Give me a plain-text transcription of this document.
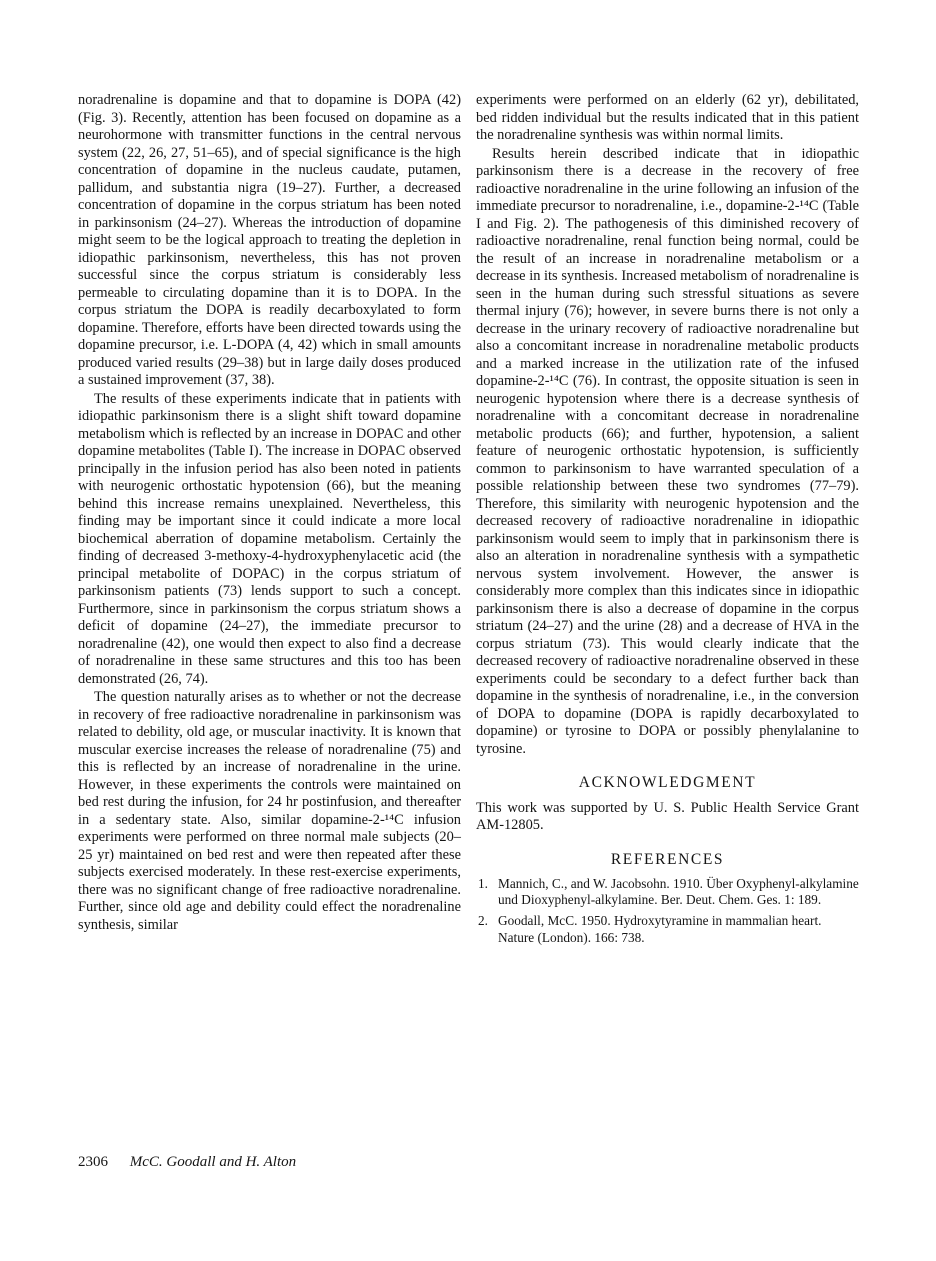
noradrenaline is dopamine and that to dopamine is DOPA (42) (Fig. 3). Recently, attention has been focused on dopamine as a neurohormone with transmitter functions in the central nervous system (22, 26, 27, 51–65), and of special significance is the high concentration of dopamine in the nucleus caudate, putamen, pallidum, and substantia nigra (19–27). Further, a decreased concentration of dopamine in the corpus striatum has been noted in parkinsonism (24–27). Whereas the introduction of dopamine might seem to be the logical approach to treating the depletion in idiopathic parkinsonism, nevertheless, this has not proven successful since the corpus striatum is considerably less permeable to circulating dopamine than it is to DOPA. In the corpus striatum the DOPA is readily decarboxylated to form dopamine. Therefore, efforts have been directed towards using the dopamine precursor, i.e. L-DOPA (4, 42) which in small amounts produced varied results (29–38) but in large daily doses produced a sustained improvement (37, 38).

The results of these experiments indicate that in patients with idiopathic parkinsonism there is a slight shift toward dopamine metabolism which is reflected by an increase in DOPAC and other dopamine metabolites (Table I). The increase in DOPAC observed principally in the infusion period has also been noted in patients with neurogenic orthostatic hypotension (66), but the meaning behind this increase remains unexplained. Nevertheless, this finding may be important since it could indicate a more local biochemical aberration of dopamine metabolism. Certainly the finding of decreased 3-methoxy-4-hydroxyphenylacetic acid (the principal metabolite of DOPAC) in the corpus striatum of parkinsonism patients (73) lends support to such a concept. Furthermore, since in parkinsonism the corpus striatum shows a deficit of dopamine (24–27), the immediate precursor to noradrenaline (42), one would then expect to also find a decrease of noradrenaline in these same structures and this too has been demonstrated (26, 74).

The question naturally arises as to whether or not the decrease in recovery of free radioactive noradrenaline in parkinsonism was related to debility, old age, or muscular inactivity. It is known that muscular exercise increases the release of noradrenaline (75) and this is reflected by an increase of noradrenaline in the urine. However, in these experiments the controls were maintained on bed rest during the infusion, for 24 hr postinfusion, and thereafter in a sedentary state. Also, similar dopamine-2-¹⁴C infusion experiments were performed on three normal male subjects (20–25 yr) maintained on bed rest and were then repeated after these subjects exercised moderately. In these rest-exercise experiments, there was no significant change of free radioactive noradrenaline. Further, since old age and debility could effect the noradrenaline synthesis, similar

experiments were performed on an elderly (62 yr), debilitated, bed ridden individual but the results indicated that in this patient the noradrenaline synthesis was within normal limits.

Results herein described indicate that in idiopathic parkinsonism there is a decrease in the recovery of free radioactive noradrenaline in the urine following an infusion of the immediate precursor to noradrenaline, i.e., dopamine-2-¹⁴C (Table I and Fig. 2). The pathogenesis of this diminished recovery of radioactive noradrenaline, renal function being normal, could be the result of an increase in noradrenaline metabolism or a decrease in its synthesis. Increased metabolism of noradrenaline is seen in the human during such stressful situations as severe thermal injury (76); however, in severe burns there is not only a decrease in the urinary recovery of radioactive noradrenaline but also a concomitant increase in noradrenaline metabolic products and a marked increase in the utilization rate of the infused dopamine-2-¹⁴C (76). In contrast, the opposite situation is seen in neurogenic hypotension where there is a decrease synthesis of noradrenaline with a concomitant decrease in noradrenaline metabolic products (66); and further, hypotension, a salient feature of neurogenic orthostatic hypotension, is sufficiently common to parkinsonism to have warranted speculation of a possible relationship between these two syndromes (77–79). Therefore, this similarity with neurogenic hypotension and the decreased recovery of radioactive noradrenaline in idiopathic parkinsonism would seem to imply that in parkinsonism there is also an alteration in noradrenaline synthesis with a sympathetic nervous system involvement. However, the answer is considerably more complex than this indicates since in idiopathic parkinsonism there is also a decrease of dopamine in the corpus striatum (24–27) and the urine (28) and a decrease of HVA in the corpus striatum (73). This would clearly indicate that the decreased recovery of radioactive noradrenaline observed in these experiments could be secondary to a defect further back than dopamine in the synthesis of noradrenaline, i.e., in the conversion of DOPA to dopamine (DOPA is rapidly decarboxylated to dopamine) or tyrosine to DOPA or possibly phenylalanine to tyrosine.

ACKNOWLEDGMENT

This work was supported by U. S. Public Health Service Grant AM-12805.

REFERENCES
1. Mannich, C., and W. Jacobsohn. 1910. Über Oxyphenyl-alkylamine und Dioxyphenyl-alkylamine. Ber. Deut. Chem. Ges. 1: 189.
2. Goodall, McC. 1950. Hydroxytyramine in mammalian heart. Nature (London). 166: 738.
2306 McC. Goodall and H. Alton
